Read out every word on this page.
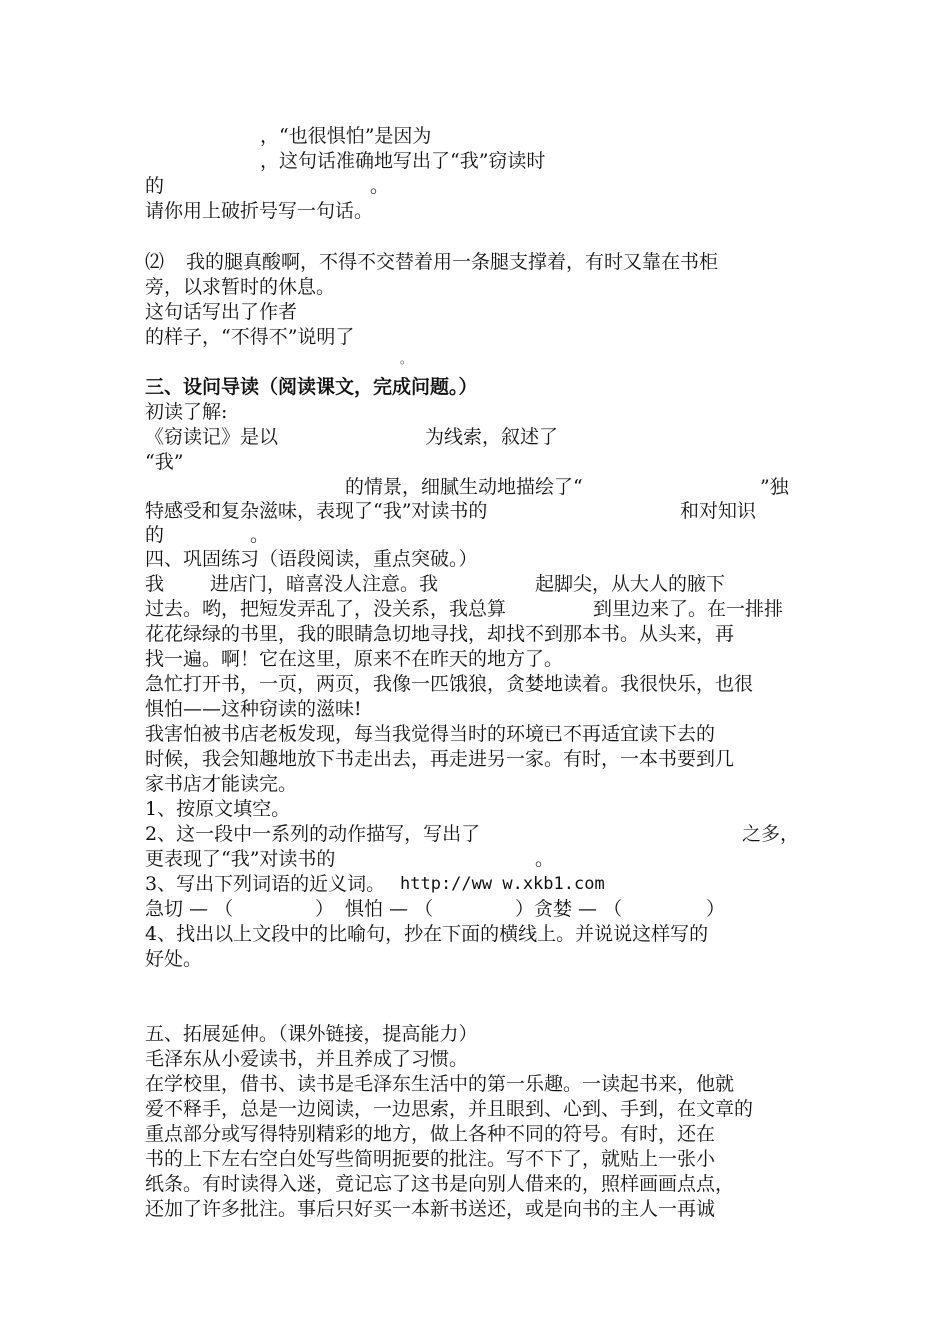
，“也很惧怕”是因为
，这句话准确地写出了“我”窃读时
的	。
请你用上破折号写一句话。
⑵ 我的腿真酸啊，不得不交替着用一条腿支撑着，有时又靠在书柜
旁，以求暂时的休息。
这句话写出了作者
的样子，“不得不”说明了
。
三、设问导读（阅读课文，完成问题。）
初读了解:
《窃读记》是以	为线索，叙述了
“我”
的情景，细腻生动地描绘了“	”独
特感受和复杂滋味，表现了“我”对读书的	和对知识
的	。
四、巩固练习（语段阅读，重点突破。）
我 进店门，暗喜没人注意。我	起脚尖，从大人的腋下
过去。哟，把短发弄乱了，没关系，我总算	到里边来了。在一排排
花花绿绿的书里，我的眼睛急切地寻找，却找不到那本书。从头来，再
找一遍。啊！它在这里，原来不在昨天的地方了。
急忙打开书，一页，两页，我像一匹饿狼，贪婪地读着。我很快乐，也很
惧怕——这种窃读的滋味!
我害怕被书店老板发现，每当我觉得当时的环境已不再适宜读下去的
时候，我会知趣地放下书走出去，再走进另一家。有时，一本书要到几
家书店才能读完。
1、按原文填空。
2、这一段中一系列的动作描写，写出了	之多，
更表现了“我”对读书的	。
3、写出下列词语的近义词。 http://ww w.xkb1.com
急切 — （	） 惧怕 — （	）贪婪 — （	）
4、找出以上文段中的比喻句，抄在下面的横线上。并说说这样写的
好处。
五、拓展延伸。（课外链接，提高能力）
毛泽东从小爱读书，并且养成了习惯。
在学校里，借书、读书是毛泽东生活中的第一乐趣。一读起书来，他就
爱不释手，总是一边阅读，一边思索，并且眼到、心到、手到，在文章的
重点部分或写得特别精彩的地方，做上各种不同的符号。有时，还在
书的上下左右空白处写些简明扼要的批注。写不下了，就贴上一张小
纸条。有时读得入迷，竟记忘了这书是向别人借来的，照样画画点点，
还加了许多批注。事后只好买一本新书送还，或是向书的主人一再诚
